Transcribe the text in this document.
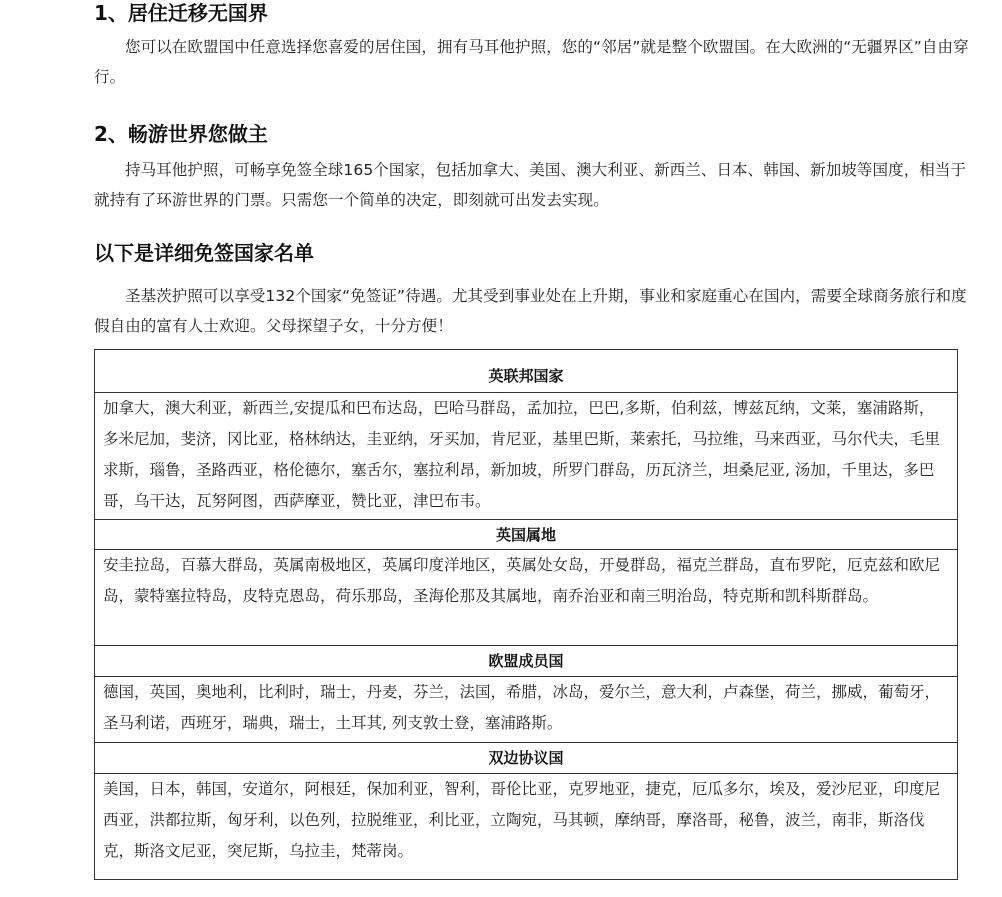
1、居住迁移无国界

您可以在欧盟国中任意选择您喜爱的居住国，拥有马耳他护照，您的“邻居”就是整个欧盟国。在大欧洲的“无疆界区”自由穿行。

2、畅游世界您做主

持马耳他护照，可畅享免签全球165个国家，包括加拿大、美国、澳大利亚、新西兰、日本、韩国、新加坡等国度，相当于就持有了环游世界的门票。只需您一个简单的决定，即刻就可出发去实现。

以下是详细免签国家名单

圣基茨护照可以享受132个国家“免签证”待遇。尤其受到事业处在上升期，事业和家庭重心在国内，需要全球商务旅行和度假自由的富有人士欢迎。父母探望子女，十分方便！

英联邦国家
加拿大，澳大利亚，新西兰,安提瓜和巴布达岛，巴哈马群岛，孟加拉，巴巴,多斯，伯利兹，博兹瓦纳，文莱，塞浦路斯，多米尼加，斐济，冈比亚，格林纳达，圭亚纳，牙买加，肯尼亚，基里巴斯，莱索托，马拉维，马来西亚，马尔代夫，毛里求斯，瑙鲁，圣路西亚，格伦德尔，塞舌尔，塞拉利昂，新加坡，所罗门群岛，历瓦济兰，坦桑尼亚, 汤加，千里达，多巴哥，乌干达，瓦努阿图，西萨摩亚，赞比亚，津巴布韦。
英国属地
安圭拉岛，百慕大群岛，英属南极地区，英属印度洋地区，英属处女岛，开曼群岛，福克兰群岛，直布罗陀，厄克兹和欧尼岛，蒙特塞拉特岛，皮特克恩岛，荷乐那岛，圣海伦那及其属地，南乔治亚和南三明治岛，特克斯和凯科斯群岛。
欧盟成员国
德国，英国，奥地利，比利时，瑞士，丹麦，芬兰，法国，希腊，冰岛，爱尔兰，意大利，卢森堡，荷兰，挪威，葡萄牙，圣马利诺，西班牙，瑞典，瑞士，土耳其, 列支敦士登，塞浦路斯。
双边协议国
美国，日本，韩国，安道尔，阿根廷，保加利亚，智利，哥伦比亚，克罗地亚，捷克，厄瓜多尔，埃及，爱沙尼亚，印度尼西亚，洪都拉斯，匈牙利，以色列，拉脱维亚，利比亚，立陶宛，马其顿，摩纳哥，摩洛哥，秘鲁，波兰，南非，斯洛伐克，斯洛文尼亚，突尼斯，乌拉圭，梵蒂岗。
